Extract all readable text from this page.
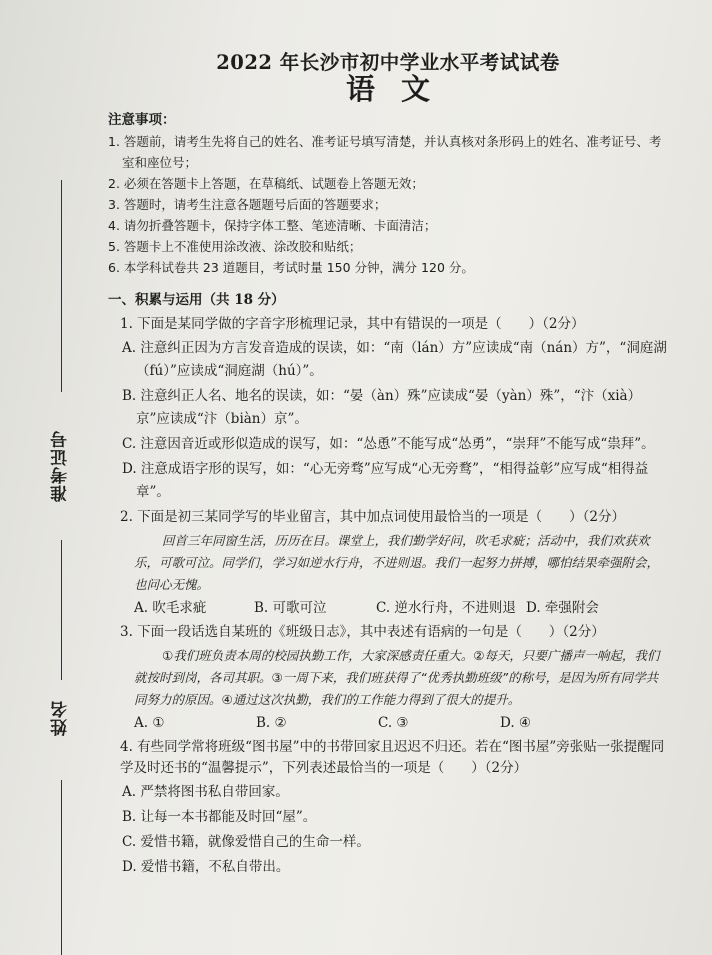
准考证号
姓名
2022 年长沙市初中学业水平考试试卷
语文
注意事项：
1. 答题前，请考生先将自己的姓名、准考证号填写清楚，并认真核对条形码上的姓名、准考证号、考室和座位号；
2. 必须在答题卡上答题，在草稿纸、试题卷上答题无效；
3. 答题时，请考生注意各题题号后面的答题要求；
4. 请勿折叠答题卡，保持字体工整、笔迹清晰、卡面清洁；
5. 答题卡上不准使用涂改液、涂改胶和贴纸；
6. 本学科试卷共 23 道题目，考试时量 150 分钟，满分 120 分。
一、积累与运用（共 18 分）
1. 下面是某同学做的字音字形梳理记录，其中有错误的一项是（　　）（2分）
A. 注意纠正因为方言发音造成的误读，如：“南（lán）方”应读成“南（nán）方”，“洞庭湖（fú）”应读成“洞庭湖（hú）”。
B. 注意纠正人名、地名的误读，如：“晏（àn）殊”应读成“晏（yàn）殊”，“汴（xià）京”应读成“汴（biàn）京”。
C. 注意因音近或形似造成的误写，如：“怂恿”不能写成“怂勇”，“崇拜”不能写成“祟拜”。
D. 注意成语字形的误写，如：“心无旁骛”应写成“心无旁鹜”，“相得益彰”应写成“相得益章”。
2. 下面是初三某同学写的毕业留言，其中加点词使用最恰当的一项是（　　）（2分）
回首三年同窗生活，历历在目。课堂上，我们勤学好问，吹毛求疵；活动中，我们欢获欢乐，可歌可泣。同学们，学习如逆水行舟，不进则退。我们一起努力拼搏，哪怕结果牵强附会，也问心无愧。
A. 吹毛求疵	B. 可歌可泣	C. 逆水行舟，不进则退 D. 牵强附会
3. 下面一段话选自某班的《班级日志》，其中表述有语病的一句是（　　）（2分）
①我们班负责本周的校园执勤工作，大家深感责任重大。②每天，只要广播声一响起，我们就按时到岗，各司其职。③一周下来，我们班获得了“优秀执勤班级”的称号，是因为所有同学共同努力的原因。④通过这次执勤，我们的工作能力得到了很大的提升。
A. ①	B. ②	C. ③	D. ④
4. 有些同学常将班级“图书屋”中的书带回家且迟迟不归还。若在“图书屋”旁张贴一张提醒同学及时还书的“温馨提示”，下列表述最恰当的一项是（　　）（2分）
A. 严禁将图书私自带回家。
B. 让每一本书都能及时回“屋”。
C. 爱惜书籍，就像爱惜自己的生命一样。
D. 爱惜书籍，不私自带出。
